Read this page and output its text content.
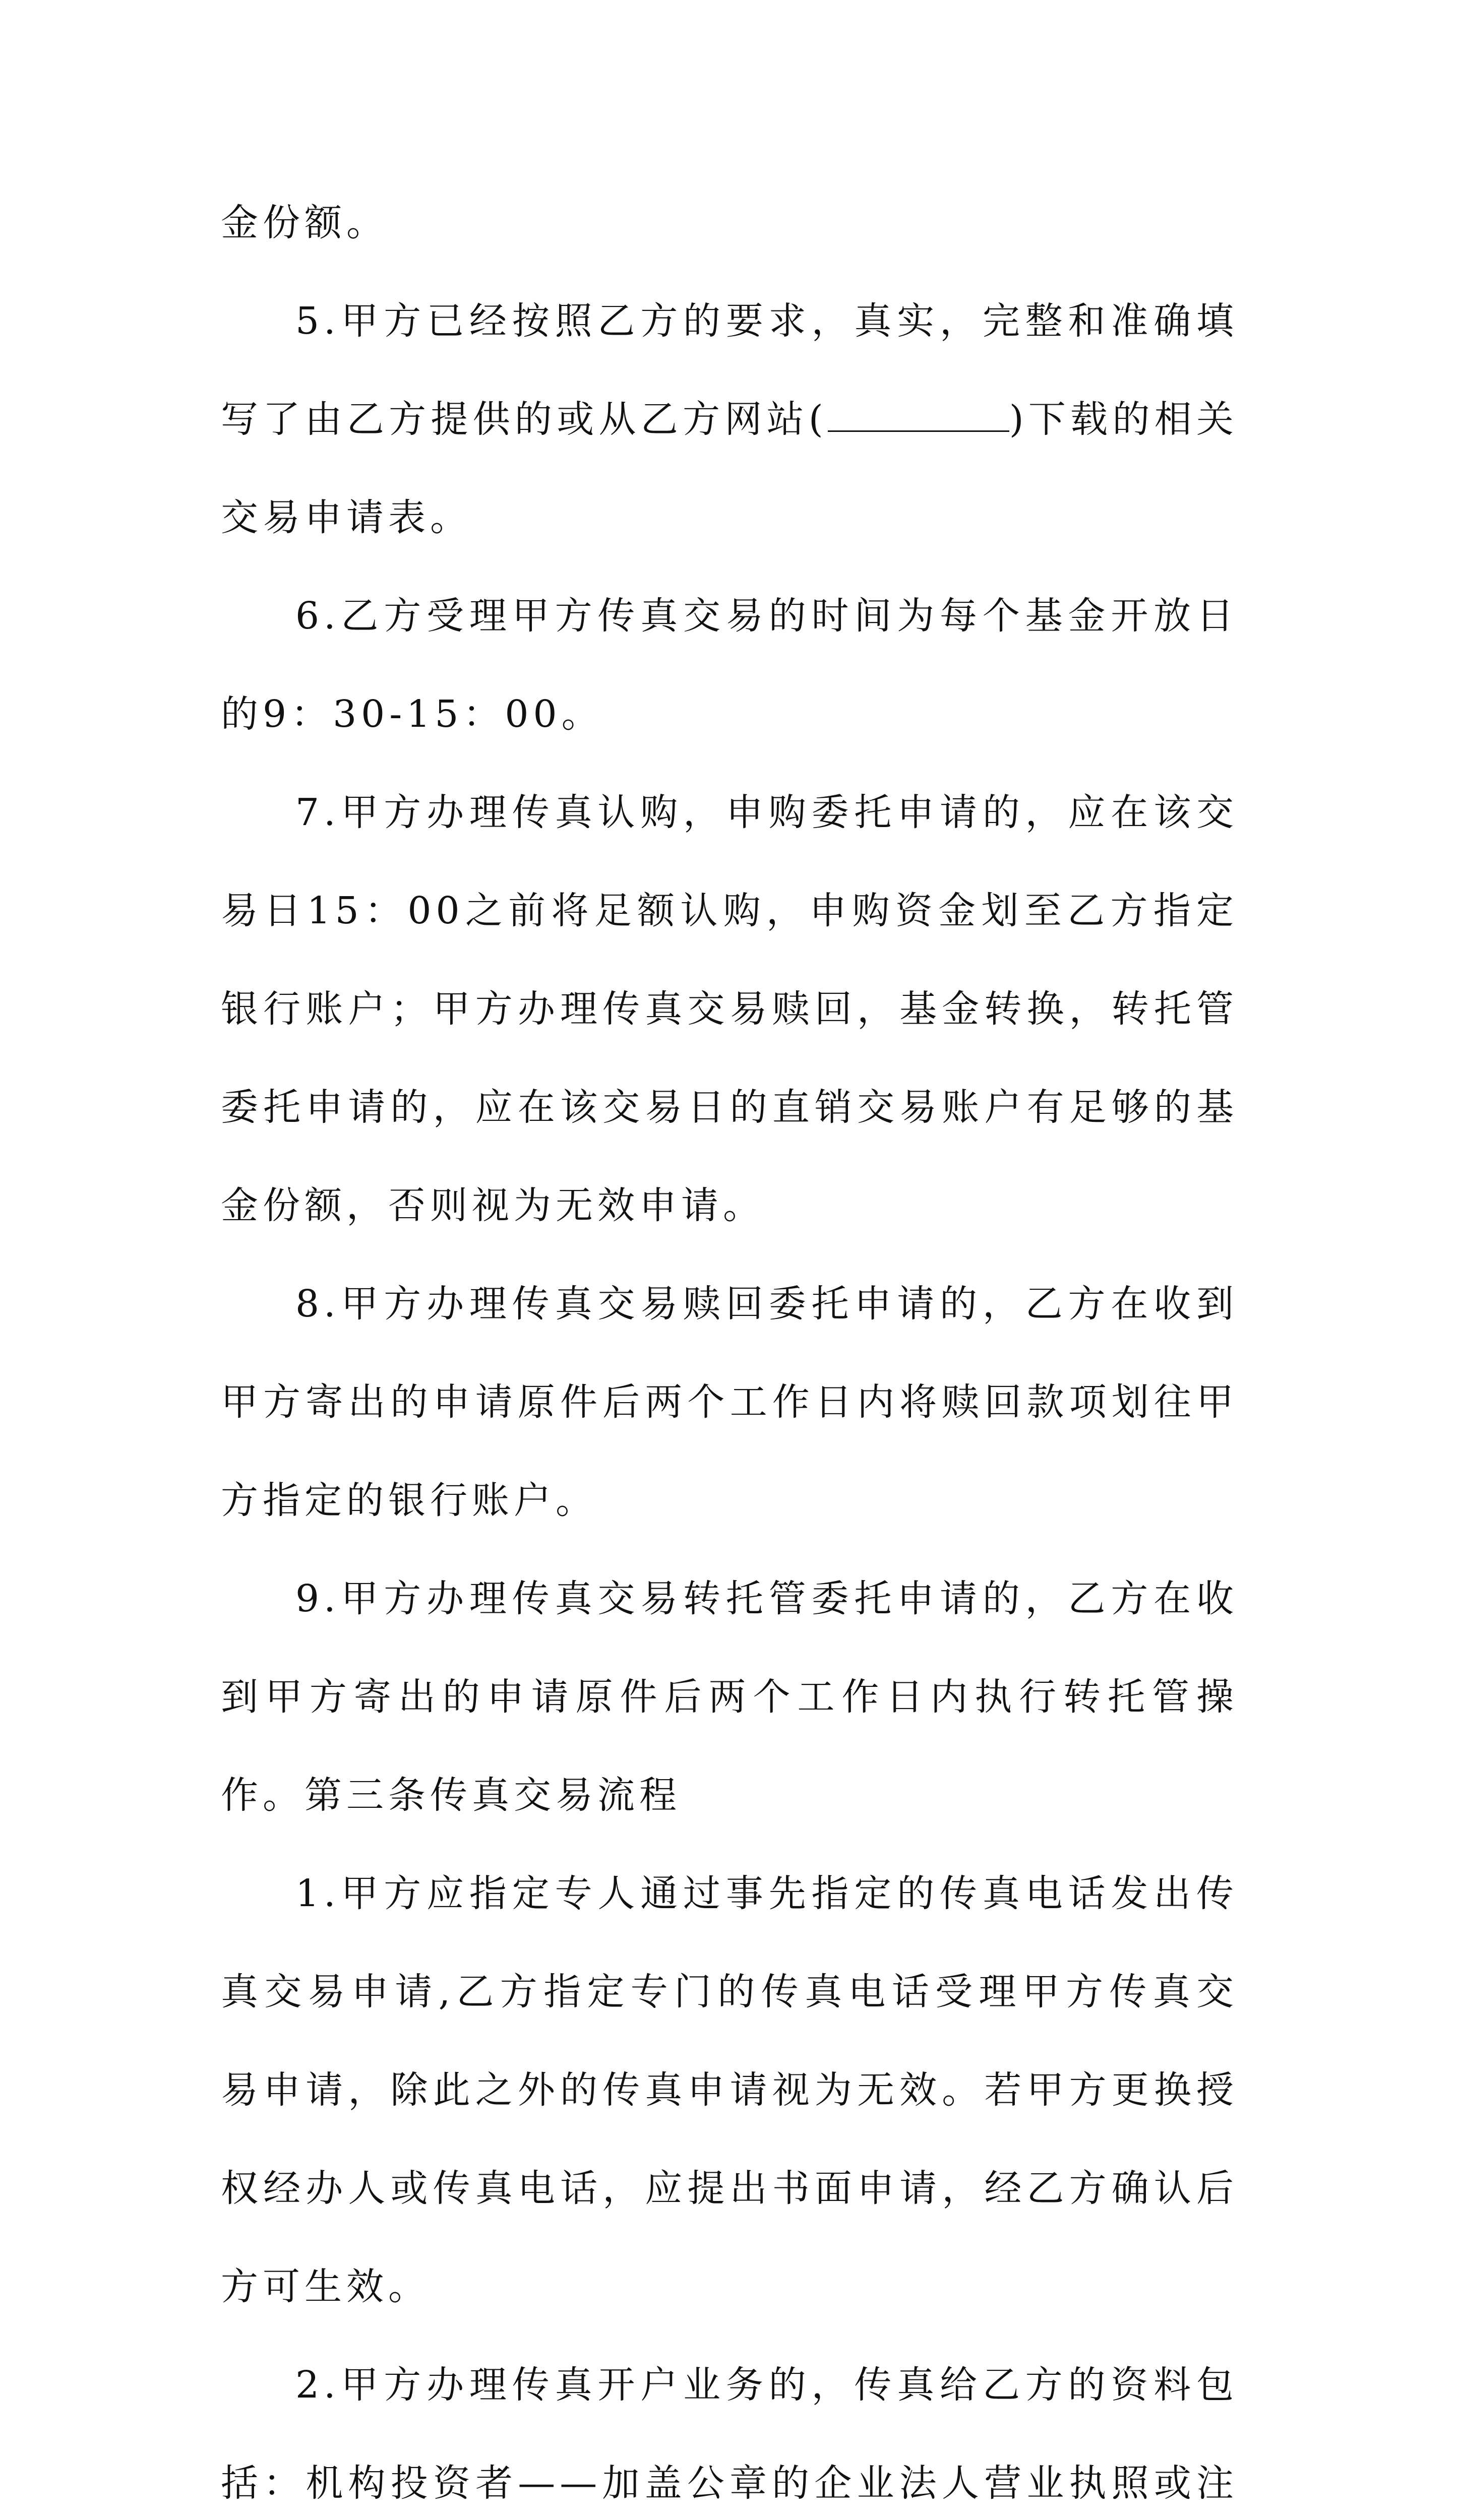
金份额。

5.甲方已经按照乙方的要求，真实，完整和准确填写了由乙方提供的或从乙方网站(	)下载的相关交易申请表。

6.乙方受理甲方传真交易的时间为每个基金开放日的9：30-15：00。

7.甲方办理传真认购，申购委托申请的，应在该交易日15：00之前将足额认购，申购资金划至乙方指定银行账户；甲方办理传真交易赎回，基金转换，转托管委托申请的，应在该交易日的直销交易账户有足够的基金份额，否则视为无效申请。

8.甲方办理传真交易赎回委托申请的，乙方在收到甲方寄出的申请原件后两个工作日内将赎回款项划往甲方指定的银行账户。

9.甲方办理传真交易转托管委托申请的，乙方在收到甲方寄出的申请原件后两个工作日内执行转托管操作。第三条传真交易流程

1.甲方应指定专人通过事先指定的传真电话发出传真交易申请,乙方指定专门的传真电话受理甲方传真交易申请，除此之外的传真申请视为无效。若甲方更换授权经办人或传真电话，应提出书面申请，经乙方确认后方可生效。

2.甲方办理传真开户业务的，传真给乙方的资料包括：机构投资者——加盖公章的企业法人营业执照或注
